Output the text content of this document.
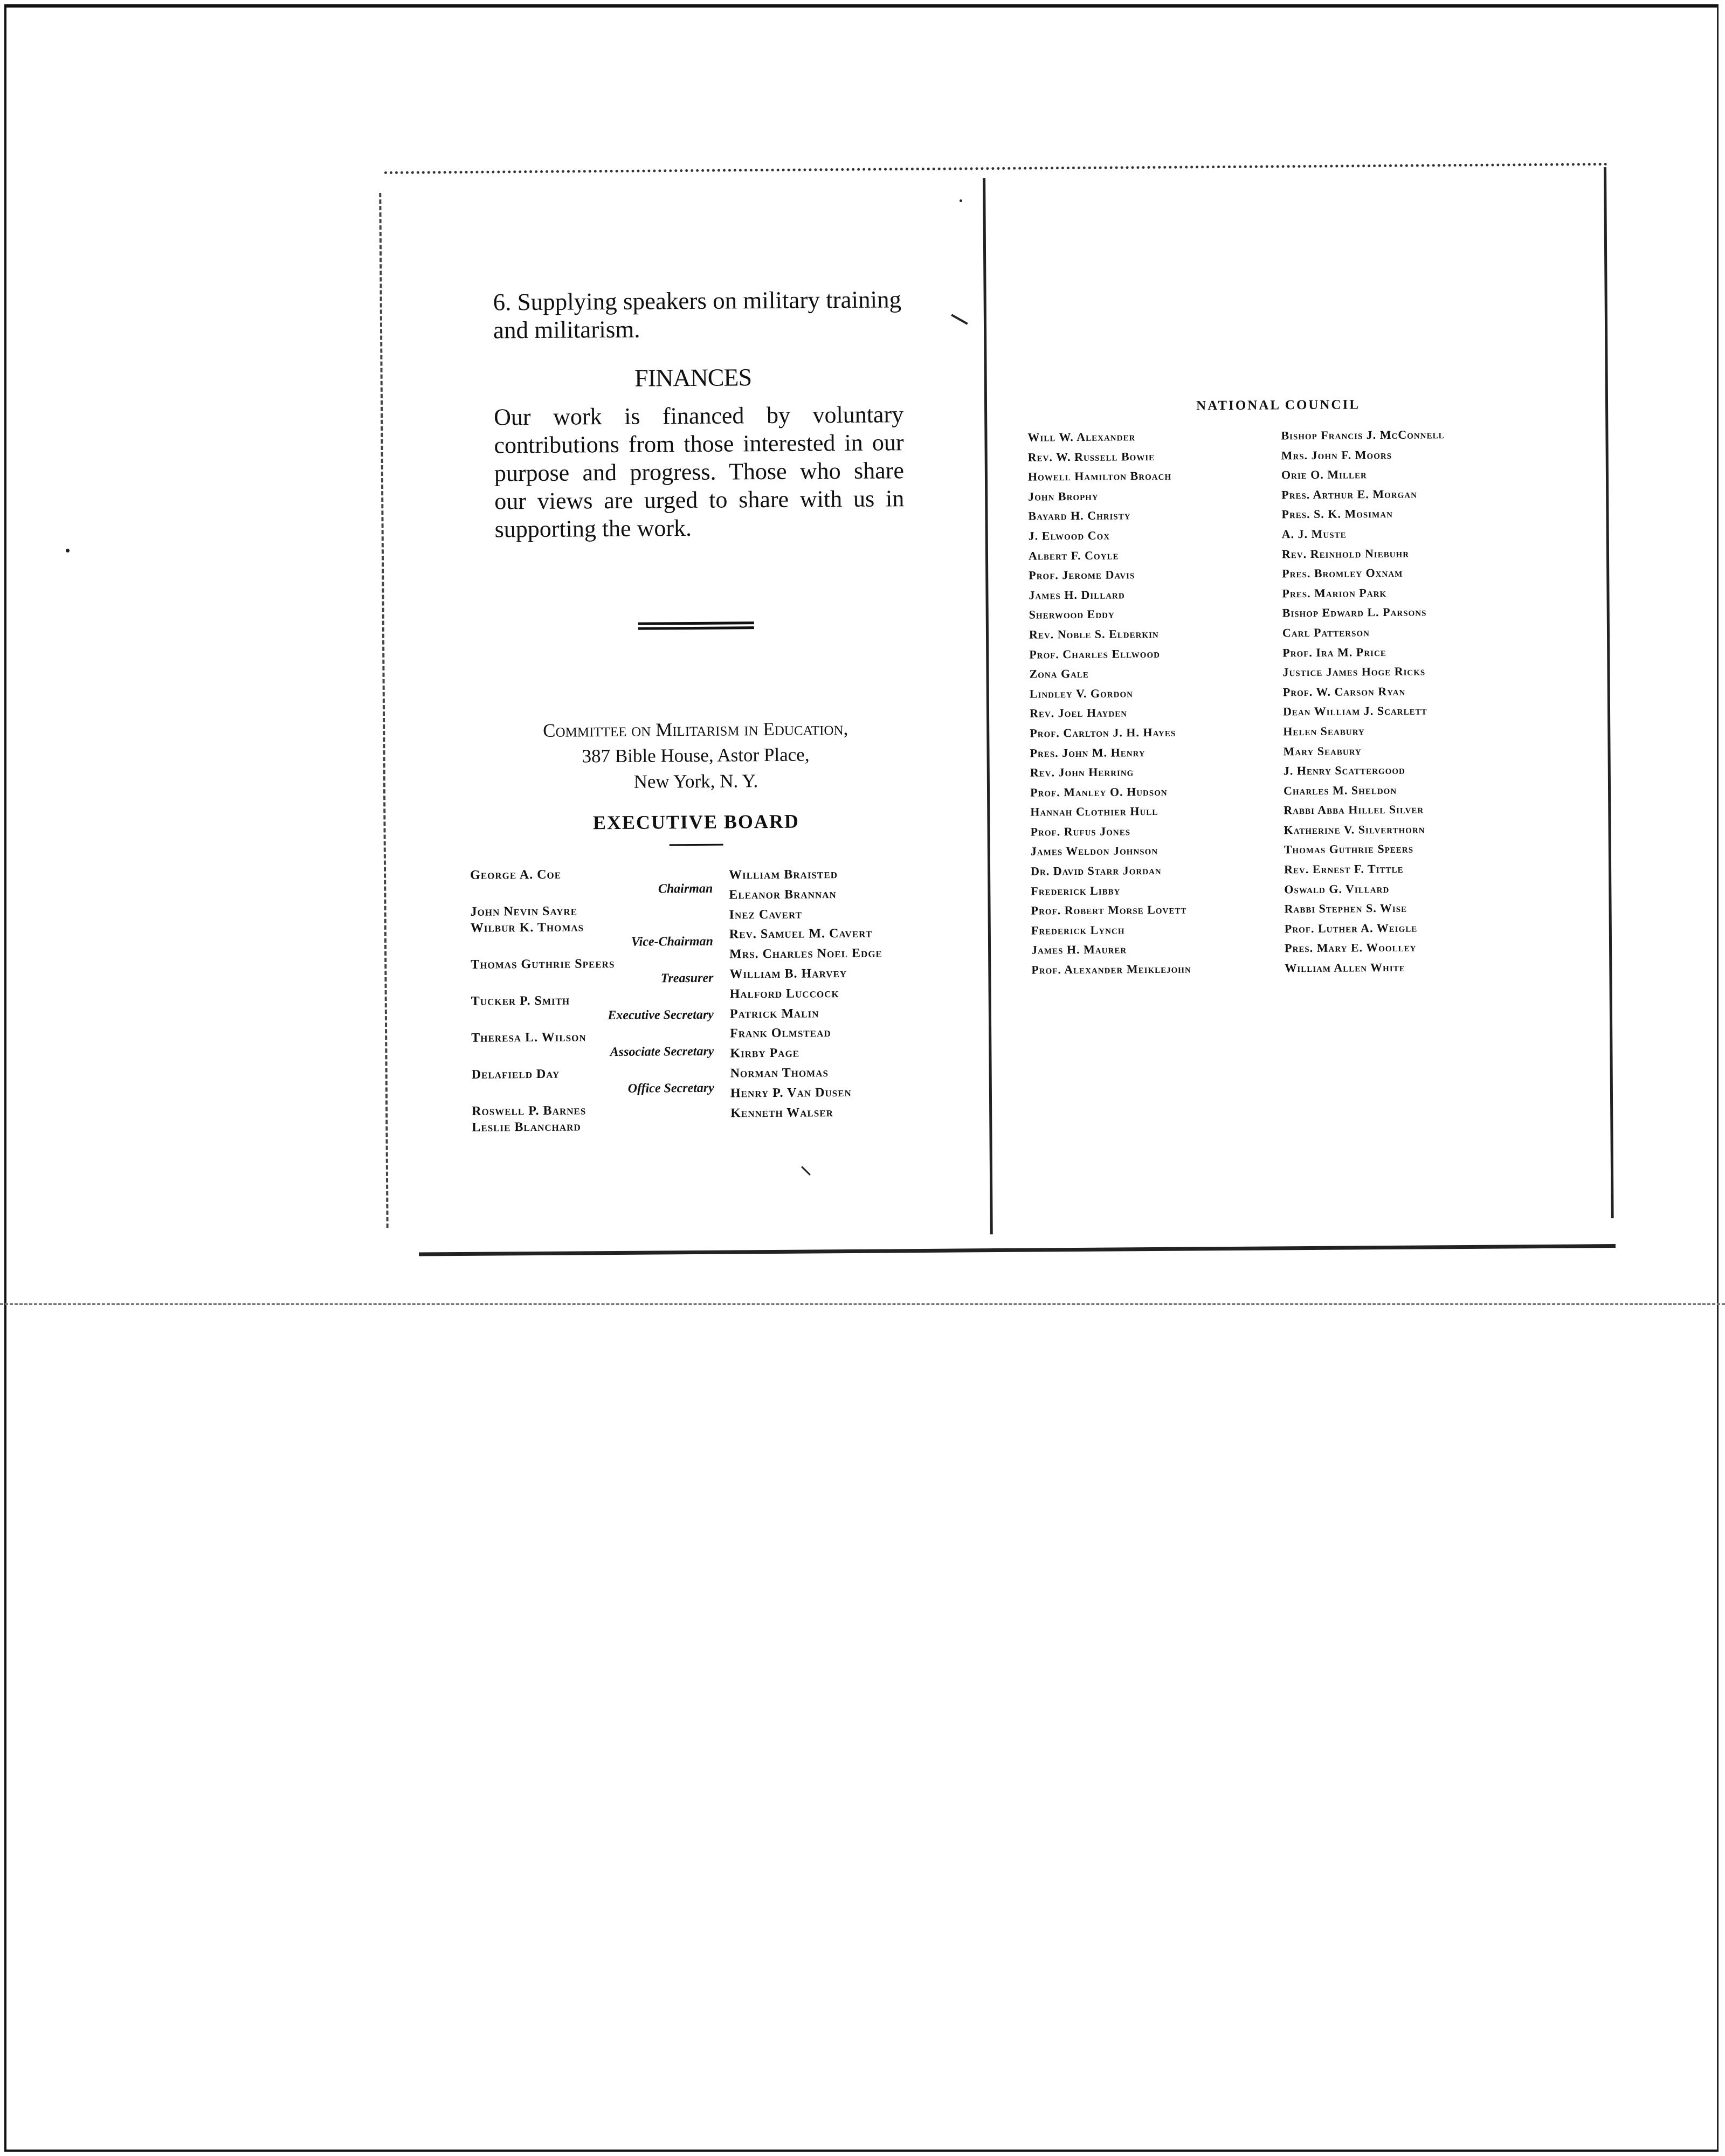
6. Supplying speakers on military training and militarism.
FINANCES
Our work is financed by voluntary contributions from those interested in our purpose and progress. Those who share our views are urged to share with us in supporting the work.
Committee on Militarism in Education,
387 Bible House, Astor Place,
New York, N. Y.
EXECUTIVE BOARD
George A. Coe
Chairman
John Nevin Sayre
Wilbur K. Thomas
Vice-Chairman
Thomas Guthrie Speers
Treasurer
Tucker P. Smith
Executive Secretary
Theresa L. Wilson
Associate Secretary
Delafield Day
Office Secretary
Roswell P. Barnes
Leslie Blanchard
William Braisted
Eleanor Brannan
Inez Cavert
Rev. Samuel M. Cavert
Mrs. Charles Noel Edge
William B. Harvey
Halford Luccock
Patrick Malin
Frank Olmstead
Kirby Page
Norman Thomas
Henry P. Van Dusen
Kenneth Walser
NATIONAL COUNCIL
Will W. Alexander
Rev. W. Russell Bowie
Howell Hamilton Broach
John Brophy
Bayard H. Christy
J. Elwood Cox
Albert F. Coyle
Prof. Jerome Davis
James H. Dillard
Sherwood Eddy
Rev. Noble S. Elderkin
Prof. Charles Ellwood
Zona Gale
Lindley V. Gordon
Rev. Joel Hayden
Prof. Carlton J. H. Hayes
Pres. John M. Henry
Rev. John Herring
Prof. Manley O. Hudson
Hannah Clothier Hull
Prof. Rufus Jones
James Weldon Johnson
Dr. David Starr Jordan
Frederick Libby
Prof. Robert Morse Lovett
Frederick Lynch
James H. Maurer
Prof. Alexander Meiklejohn
Bishop Francis J. McConnell
Mrs. John F. Moors
Orie O. Miller
Pres. Arthur E. Morgan
Pres. S. K. Mosiman
A. J. Muste
Rev. Reinhold Niebuhr
Pres. Bromley Oxnam
Pres. Marion Park
Bishop Edward L. Parsons
Carl Patterson
Prof. Ira M. Price
Justice James Hoge Ricks
Prof. W. Carson Ryan
Dean William J. Scarlett
Helen Seabury
Mary Seabury
J. Henry Scattergood
Charles M. Sheldon
Rabbi Abba Hillel Silver
Katherine V. Silverthorn
Thomas Guthrie Speers
Rev. Ernest F. Tittle
Oswald G. Villard
Rabbi Stephen S. Wise
Prof. Luther A. Weigle
Pres. Mary E. Woolley
William Allen White
